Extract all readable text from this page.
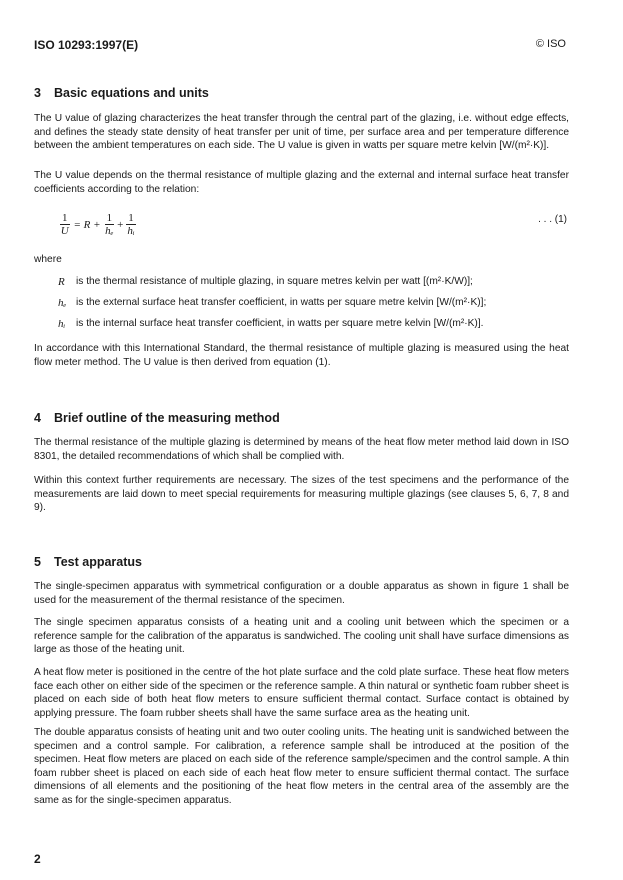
ISO 10293:1997(E)	© ISO
3 Basic equations and units
The U value of glazing characterizes the heat transfer through the central part of the glazing, i.e. without edge effects, and defines the steady state density of heat transfer per unit of time, per surface area and per temperature difference between the ambient temperatures on each side. The U value is given in watts per square metre kelvin [W/(m²·K)].
The U value depends on the thermal resistance of multiple glazing and the external and internal surface heat transfer coefficients according to the relation:
$\frac{1}{U} = R + \frac{1}{\text{hₑ}} + \frac{1}{\text{hᵢ}}$	. . . (1)
where
R	is the thermal resistance of multiple glazing, in square metres kelvin per watt [(m²·K/W)];
hₑ is the external surface heat transfer coefficient, in watts per square metre kelvin [W/(m²·K)];
hᵢ	is the internal surface heat transfer coefficient, in watts per square metre kelvin [W/(m²·K)].
In accordance with this International Standard, the thermal resistance of multiple glazing is measured using the heat flow meter method. The U value is then derived from equation (1).
4 Brief outline of the measuring method
The thermal resistance of the multiple glazing is determined by means of the heat flow meter method laid down in ISO 8301, the detailed recommendations of which shall be complied with.
Within this context further requirements are necessary. The sizes of the test specimens and the performance of the measurements are laid down to meet special requirements for measuring multiple glazings (see clauses 5, 6, 7, 8 and 9).
5 Test apparatus
The single-specimen apparatus with symmetrical configuration or a double apparatus as shown in figure 1 shall be used for the measurement of the thermal resistance of the specimen.
The single specimen apparatus consists of a heating unit and a cooling unit between which the specimen or a reference sample for the calibration of the apparatus is sandwiched. The cooling unit shall have surface dimensions as large as those of the heating unit.
A heat flow meter is positioned in the centre of the hot plate surface and the cold plate surface. These heat flow meters face each other on either side of the specimen or the reference sample. A thin natural or synthetic foam rubber sheet is placed on each side of both heat flow meters to ensure sufficient thermal contact. Surface contact is obtained by applying pressure. The foam rubber sheets shall have the same surface area as the heating unit.
The double apparatus consists of heating unit and two outer cooling units. The heating unit is sandwiched between the specimen and a control sample. For calibration, a reference sample shall be introduced at the position of the specimen. Heat flow meters are placed on each side of the reference sample/specimen and the control sample. A thin foam rubber sheet is placed on each side of each heat flow meter to ensure sufficient thermal contact. The surface dimensions of all elements and the positioning of the heat flow meters in the central area of the assembly are the same as for the single-specimen apparatus.
2
